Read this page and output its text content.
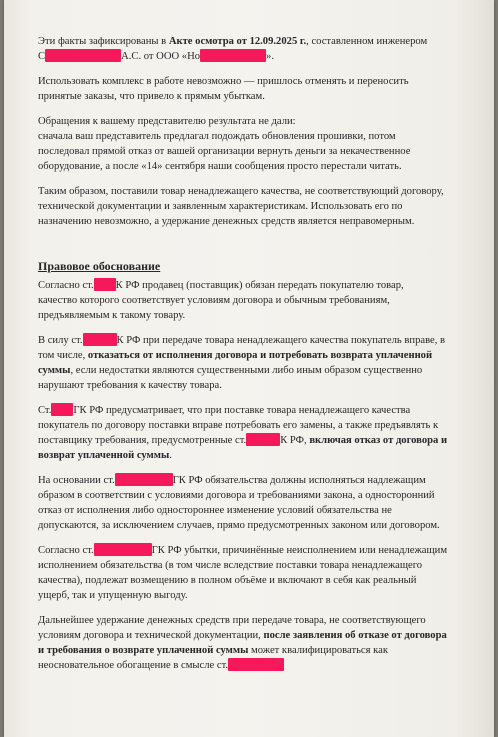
Эти факты зафиксированы в Акте осмотра от 12.09.2025 г., составленном инженером
С	А.С. от ООО «Но	».
Использовать комплекс в работе невозможно — пришлось отменять и переносить
принятые заказы, что привело к прямым убыткам.
Обращения к вашему представителю результата не дали:
сначала ваш представитель предлагал подождать обновления прошивки, потом
последовал прямой отказ от вашей организации вернуть деньги за некачественное
оборудование, а после «14» сентября наши сообщения просто перестали читать.
Таким образом, поставили товар ненадлежащего качества, не соответствующий договору,
технической документации и заявленным характеристикам. Использовать его по
назначению невозможно, а удержание денежных средств является неправомерным.
Правовое обоснование
Согласно ст. К РФ продавец (поставщик) обязан передать покупателю товар,
качество которого соответствует условиям договора и обычным требованиям,
предъявляемым к такому товару.
В силу ст.	К РФ при передаче товара ненадлежащего качества покупатель вправе, в
том числе, отказаться от исполнения договора и потребовать возврата уплаченной
суммы, если недостатки являются существенными либо иным образом существенно
нарушают требования к качеству товара.
Ст. ГК РФ предусматривает, что при поставке товара ненадлежащего качества
покупатель по договору поставки вправе потребовать его замены, а также предъявлять к
поставщику требования, предусмотренные ст.	К РФ, включая отказ от договора и
возврат уплаченной суммы.
На основании ст.	ГК РФ обязательства должны исполняться надлежащим
образом в соответствии с условиями договора и требованиями закона, а односторонний
отказ от исполнения либо одностороннее изменение условий обязательства не
допускаются, за исключением случаев, прямо предусмотренных законом или договором.
Согласно ст.	ГК РФ убытки, причинённые неисполнением или ненадлежащим
исполнением обязательства (в том числе вследствие поставки товара ненадлежащего
качества), подлежат возмещению в полном объёме и включают в себя как реальный
ущерб, так и упущенную выгоду.
Дальнейшее удержание денежных средств при передаче товара, не соответствующего
условиям договора и технической документации, после заявления об отказе от договора
и требования о возврате уплаченной суммы может квалифицироваться как
неосновательное обогащение в смысле ст.
